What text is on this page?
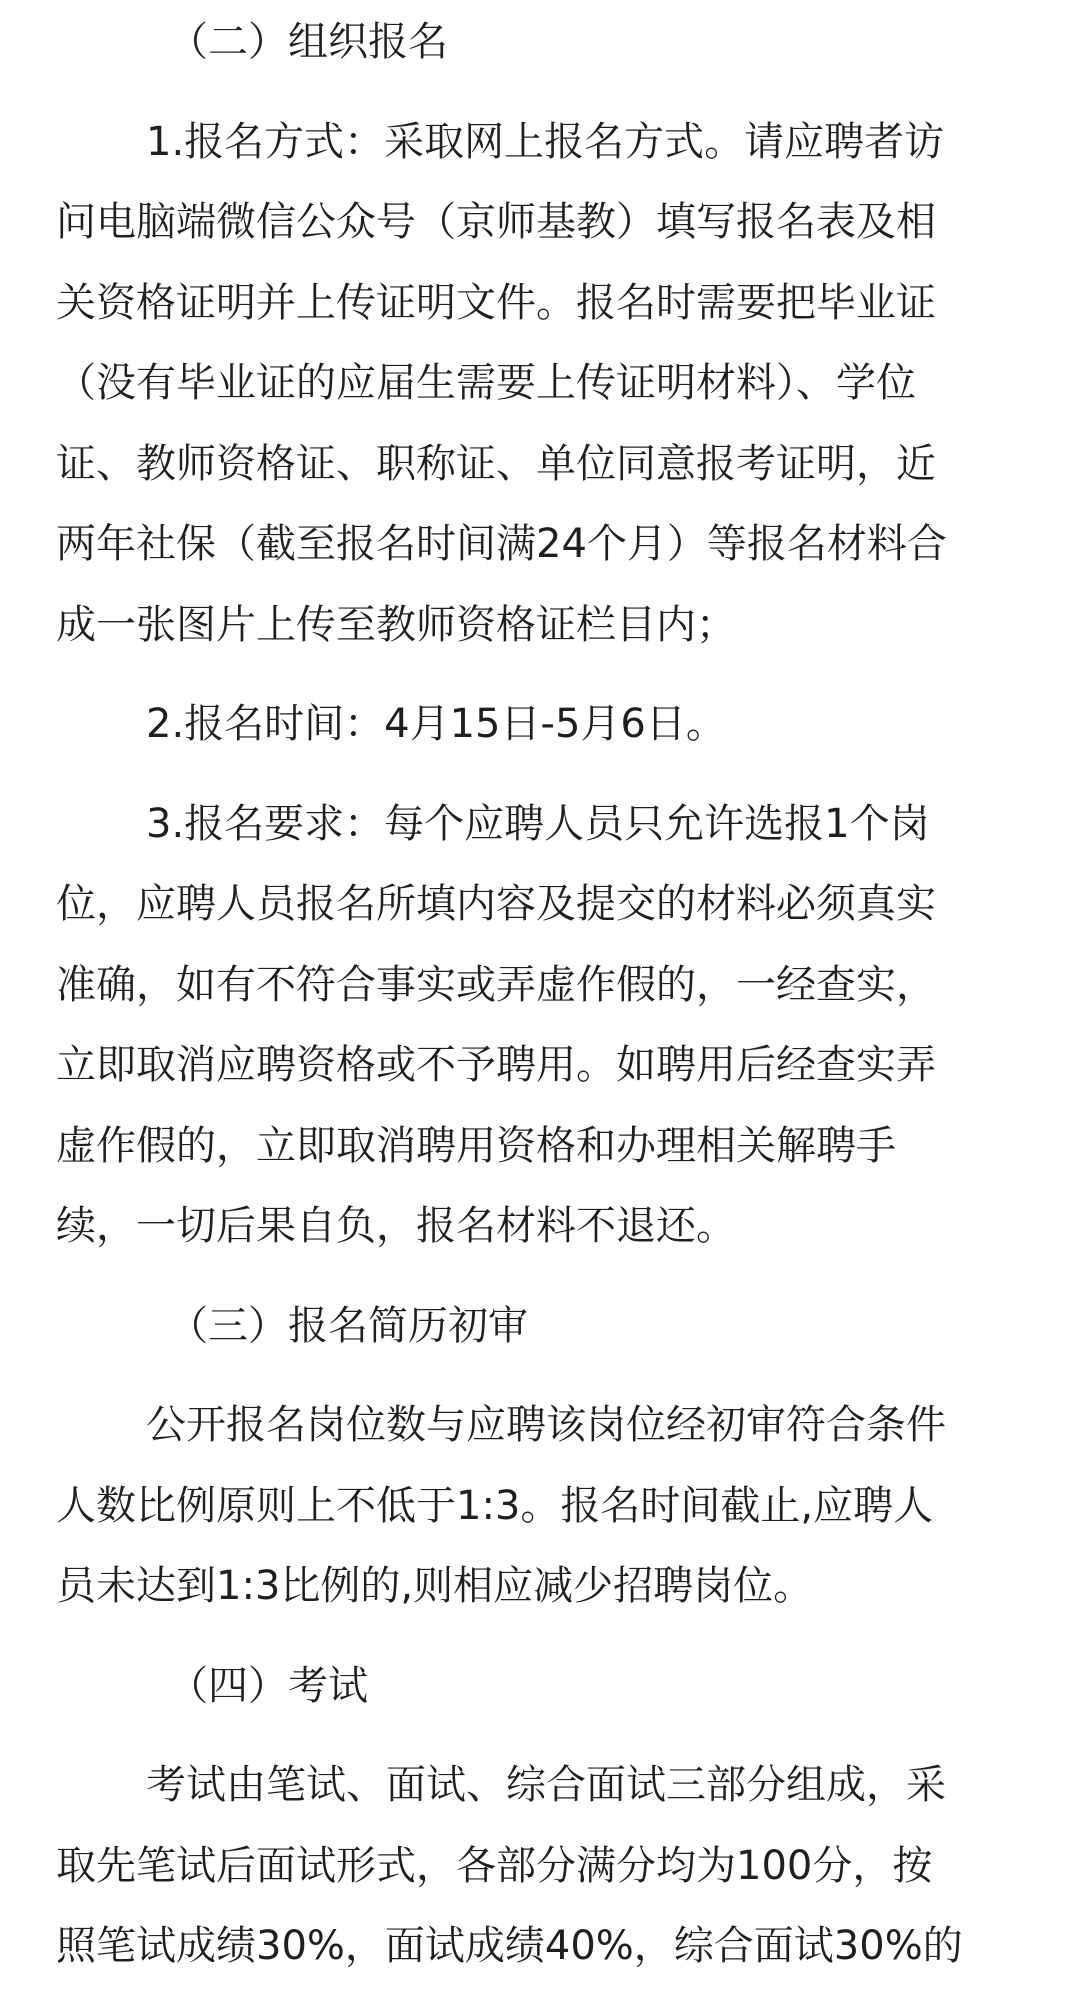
（二）组织报名
1.报名方式：采取网上报名方式。请应聘者访
问电脑端微信公众号（京师基教）填写报名表及相
关资格证明并上传证明文件。报名时需要把毕业证
（没有毕业证的应届生需要上传证明材料）、学位
证、教师资格证、职称证、单位同意报考证明，近
两年社保（截至报名时间满24个月）等报名材料合
成一张图片上传至教师资格证栏目内；
2.报名时间：4月15日-5月6日。
3.报名要求：每个应聘人员只允许选报1个岗
位，应聘人员报名所填内容及提交的材料必须真实
准确，如有不符合事实或弄虚作假的，一经查实，
立即取消应聘资格或不予聘用。如聘用后经查实弄
虚作假的，立即取消聘用资格和办理相关解聘手
续，一切后果自负，报名材料不退还。
（三）报名简历初审
公开报名岗位数与应聘该岗位经初审符合条件
人数比例原则上不低于1:3。报名时间截止,应聘人
员未达到1:3比例的,则相应减少招聘岗位。
（四）考试
考试由笔试、面试、综合面试三部分组成，采
取先笔试后面试形式，各部分满分均为100分，按
照笔试成绩30%，面试成绩40%，综合面试30%的
